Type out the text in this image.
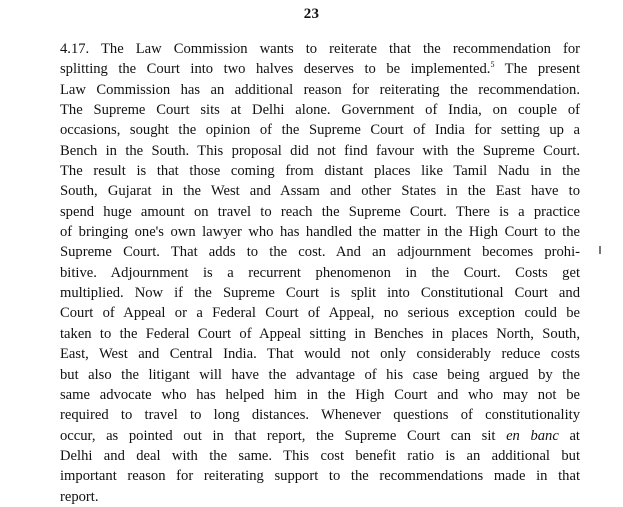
23
4.17. The Law Commission wants to reiterate that the recommendation for
splitting the Court into two halves deserves to be implemented.$^5$ The present
Law Commission has an additional reason for reiterating the recommendation.
The Supreme Court sits at Delhi alone. Government of India, on couple of
occasions, sought the opinion of the Supreme Court of India for setting up a
Bench in the South. This proposal did not find favour with the Supreme Court.
The result is that those coming from distant places like Tamil Nadu in the
South, Gujarat in the West and Assam and other States in the East have to
spend huge amount on travel to reach the Supreme Court. There is a practice
of bringing one's own lawyer who has handled the matter in the High Court to the
Supreme Court. That adds to the cost. And an adjournment becomes prohi-
bitive. Adjournment is a recurrent phenomenon in the Court. Costs get
multiplied. Now if the Supreme Court is split into Constitutional Court and
Court of Appeal or a Federal Court of Appeal, no serious exception could be
taken to the Federal Court of Appeal sitting in Benches in places North, South,
East, West and Central India. That would not only considerably reduce costs
but also the litigant will have the advantage of his case being argued by the
same advocate who has helped him in the High Court and who may not be
required to travel to long distances. Whenever questions of constitutionality
occur, as pointed out in that report, the Supreme Court can sit en banc at
Delhi and deal with the same. This cost benefit ratio is an additional but
important reason for reiterating support to the recommendations made in that
report.
